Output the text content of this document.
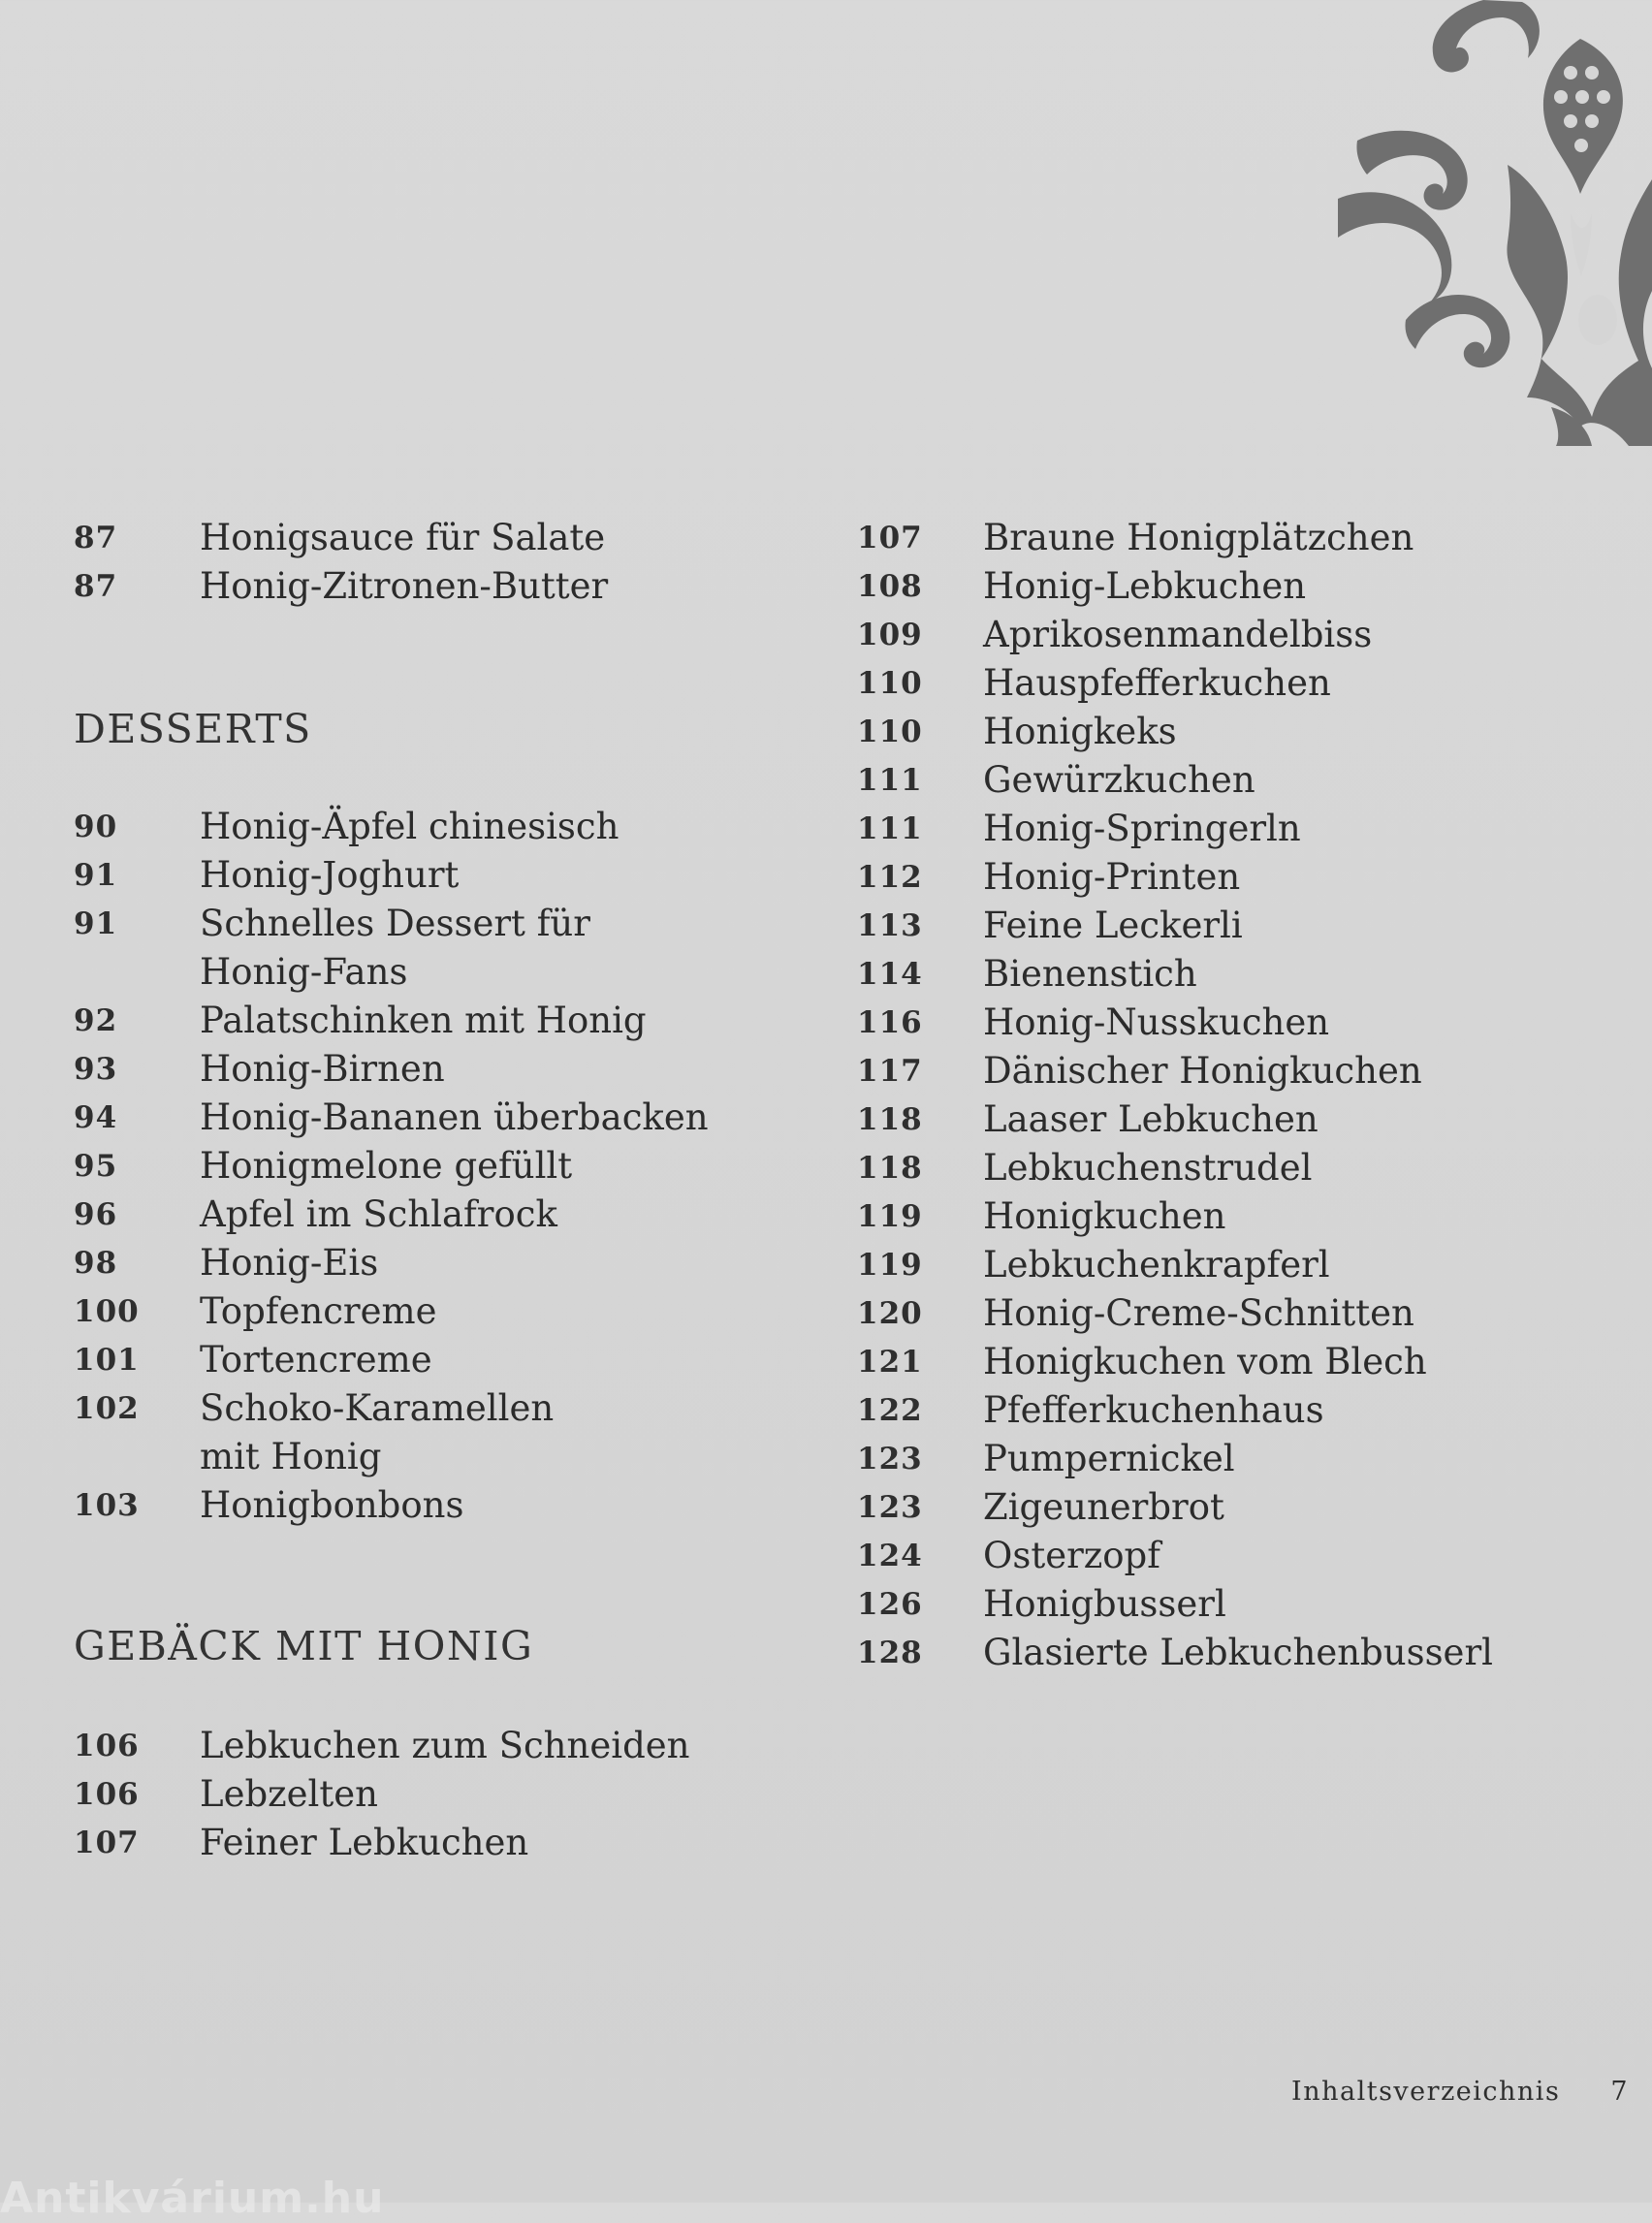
87	Honigsauce für Salate
87	Honig-Zitronen-Butter
DESSERTS
90	Honig-Äpfel chinesisch
91	Honig-Joghurt
91	Schnelles Dessert für
Honig-Fans
92	Palatschinken mit Honig
93	Honig-Birnen
94	Honig-Bananen überbacken
95	Honigmelone gefüllt
96	Apfel im Schlafrock
98	Honig-Eis
100	Topfencreme
101	Tortencreme
102	Schoko-Karamellen
mit Honig
103	Honigbonbons
GEBÄCK MIT HONIG
106	Lebkuchen zum Schneiden
106	Lebzelten
107	Feiner Lebkuchen
107	Braune Honigplätzchen
108	Honig-Lebkuchen
109	Aprikosenmandelbiss
110	Hauspfefferkuchen
110	Honigkeks
111	Gewürzkuchen
111	Honig-Springerln
112	Honig-Printen
113	Feine Leckerli
114	Bienenstich
116	Honig-Nusskuchen
117	Dänischer Honigkuchen
118	Laaser Lebkuchen
118	Lebkuchenstrudel
119	Honigkuchen
119	Lebkuchenkrapferl
120	Honig-Creme-Schnitten
121	Honigkuchen vom Blech
122	Pfefferkuchenhaus
123	Pumpernickel
123	Zigeunerbrot
124	Osterzopf
126	Honigbusserl
128	Glasierte Lebkuchenbusserl
Inhaltsverzeichnis 7
Antikvárium.hu
